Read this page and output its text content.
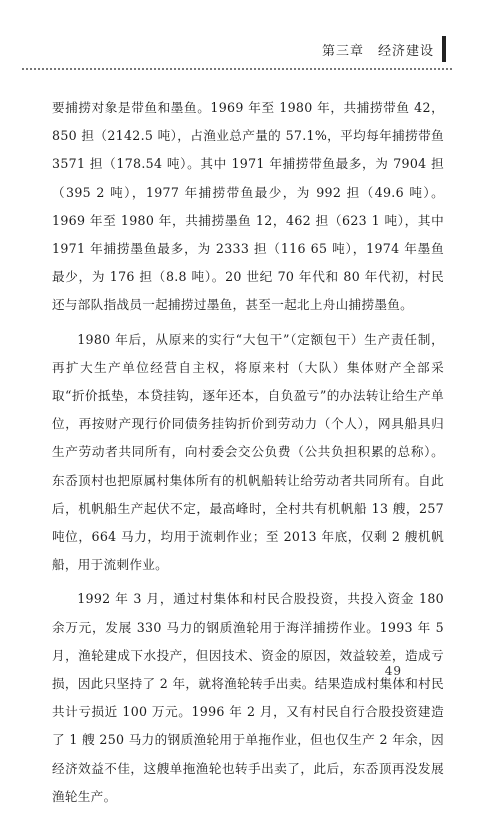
第三章　经济建设

要捕捞对象是带鱼和墨鱼。1969 年至 1980 年，共捕捞带鱼 42，850 担（2142.5 吨），占渔业总产量的 57.1%，平均每年捕捞带鱼 3571 担（178.54 吨）。其中 1971 年捕捞带鱼最多，为 7904 担（395 2 吨），1977 年捕捞带鱼最少，为 992 担（49.6 吨）。1969 年至 1980 年，共捕捞墨鱼 12，462 担（623 1 吨），其中 1971 年捕捞墨鱼最多，为 2333 担（116 65 吨），1974 年墨鱼最少，为 176 担（8.8 吨）。20 世纪 70 年代和 80 年代初，村民还与部队指战员一起捕捞过墨鱼，甚至一起北上舟山捕捞墨鱼。

1980 年后，从原来的实行“大包干”（定额包干）生产责任制，再扩大生产单位经营自主权，将原来村（大队）集体财产全部采取“折价抵垫，本贷挂钩，逐年还本，自负盈亏”的办法转让给生产单位，再按财产现行价同债务挂钩折价到劳动力（个人），网具船具归生产劳动者共同所有，向村委会交公负费（公共负担积累的总称）。东岙顶村也把原属村集体所有的机帆船转让给劳动者共同所有。自此后，机帆船生产起伏不定，最高峰时，全村共有机帆船 13 艘，257 吨位，664 马力，均用于流刺作业；至 2013 年底，仅剩 2 艘机帆船，用于流刺作业。

1992 年 3 月，通过村集体和村民合股投资，共投入资金 180 余万元，发展 330 马力的钢质渔轮用于海洋捕捞作业。1993 年 5 月，渔轮建成下水投产，但因技术、资金的原因，效益较差，造成亏损，因此只坚持了 2 年，就将渔轮转手出卖。结果造成村集体和村民共计亏损近 100 万元。1996 年 2 月，又有村民自行合股投资建造了 1 艘 250 马力的钢质渔轮用于单拖作业，但也仅生产 2 年余，因经济效益不佳，这艘单拖渔轮也转手出卖了，此后，东岙顶再没发展渔轮生产。

49
